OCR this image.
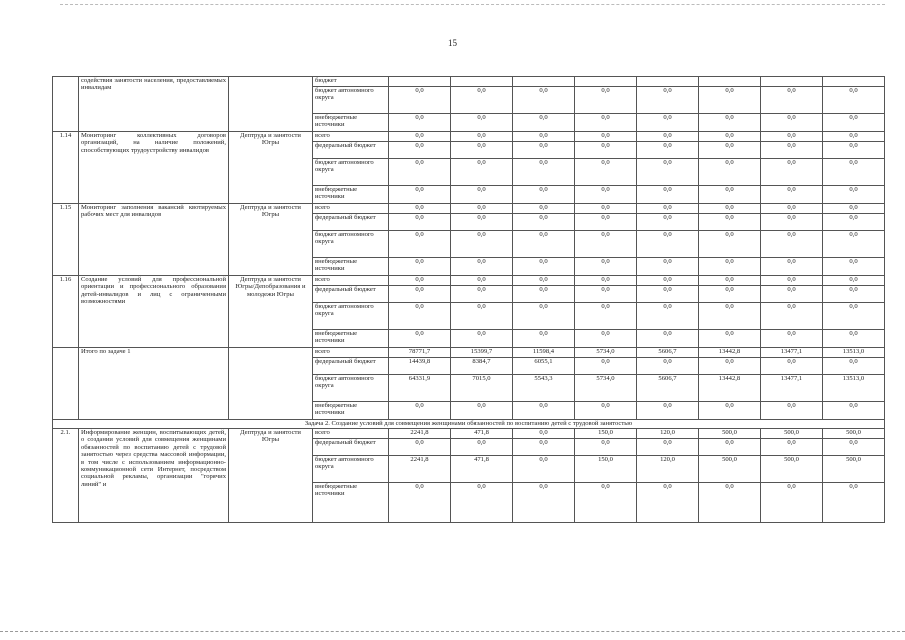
15
	содействия занятости населения, предоставляемых инвалидам		бюджет								
			бюджет автономного округа	0,0	0,0	0,0	0,0	0,0	0,0	0,0	0,0
			внебюджетные источники	0,0	0,0	0,0	0,0	0,0	0,0	0,0	0,0
1.14	Мониторинг коллективных договоров организаций, на наличие положений, способствующих трудоустройству инвалидов	Дептруда и занятости Югры	всего	0,0	0,0	0,0	0,0	0,0	0,0	0,0	0,0
			федеральный бюджет	0,0	0,0	0,0	0,0	0,0	0,0	0,0	0,0
			бюджет автономного округа	0,0	0,0	0,0	0,0	0,0	0,0	0,0	0,0
			внебюджетные источники	0,0	0,0	0,0	0,0	0,0	0,0	0,0	0,0
1.15	Мониторинг заполнения вакансий квотируемых рабочих мест для инвалидов	Дептруда и занятости Югры	всего	0,0	0,0	0,0	0,0	0,0	0,0	0,0	0,0
			федеральный бюджет	0,0	0,0	0,0	0,0	0,0	0,0	0,0	0,0
			бюджет автономного округа	0,0	0,0	0,0	0,0	0,0	0,0	0,0	0,0
			внебюджетные источники	0,0	0,0	0,0	0,0	0,0	0,0	0,0	0,0
1.16	Создание условий для профессиональной ориентации и профессионального образования детей-инвалидов и лиц с ограниченными возможностями	Дептруда и занятости Югры/Депобразования и молодежи Югры	всего	0,0	0,0	0,0	0,0	0,0	0,0	0,0	0,0
			федеральный бюджет	0,0	0,0	0,0	0,0	0,0	0,0	0,0	0,0
			бюджет автономного округа	0,0	0,0	0,0	0,0	0,0	0,0	0,0	0,0
			внебюджетные источники	0,0	0,0	0,0	0,0	0,0	0,0	0,0	0,0
	Итого по задаче 1		всего	78771,7	15399,7	11598,4	5734,0	5606,7	13442,8	13477,1	13513,0
			федеральный бюджет	14439,8	8384,7	6055,1	0,0	0,0	0,0	0,0	0,0
			бюджет автономного округа	64331,9	7015,0	5543,3	5734,0	5606,7	13442,8	13477,1	13513,0
			внебюджетные источники	0,0	0,0	0,0	0,0	0,0	0,0	0,0	0,0
Задача 2. Создание условий для совмещения женщинами обязанностей по воспитанию детей с трудовой занятостью											
2.1.	Информирование женщин, воспитывающих детей, о создании условий для совмещения женщинами обязанностей по воспитанию детей с трудовой занятостью через средства массовой информации, в том числе с использованием информационно-коммуникационной сети Интернет, посредством социальной рекламы, организации "горячих линий" и	Дептруда и занятости Югры	всего	2241,8	471,8	0,0	150,0	120,0	500,0	500,0	500,0
			федеральный бюджет	0,0	0,0	0,0	0,0	0,0	0,0	0,0	0,0
			бюджет автономного округа	2241,8	471,8	0,0	150,0	120,0	500,0	500,0	500,0
			внебюджетные источники	0,0	0,0	0,0	0,0	0,0	0,0	0,0	0,0
